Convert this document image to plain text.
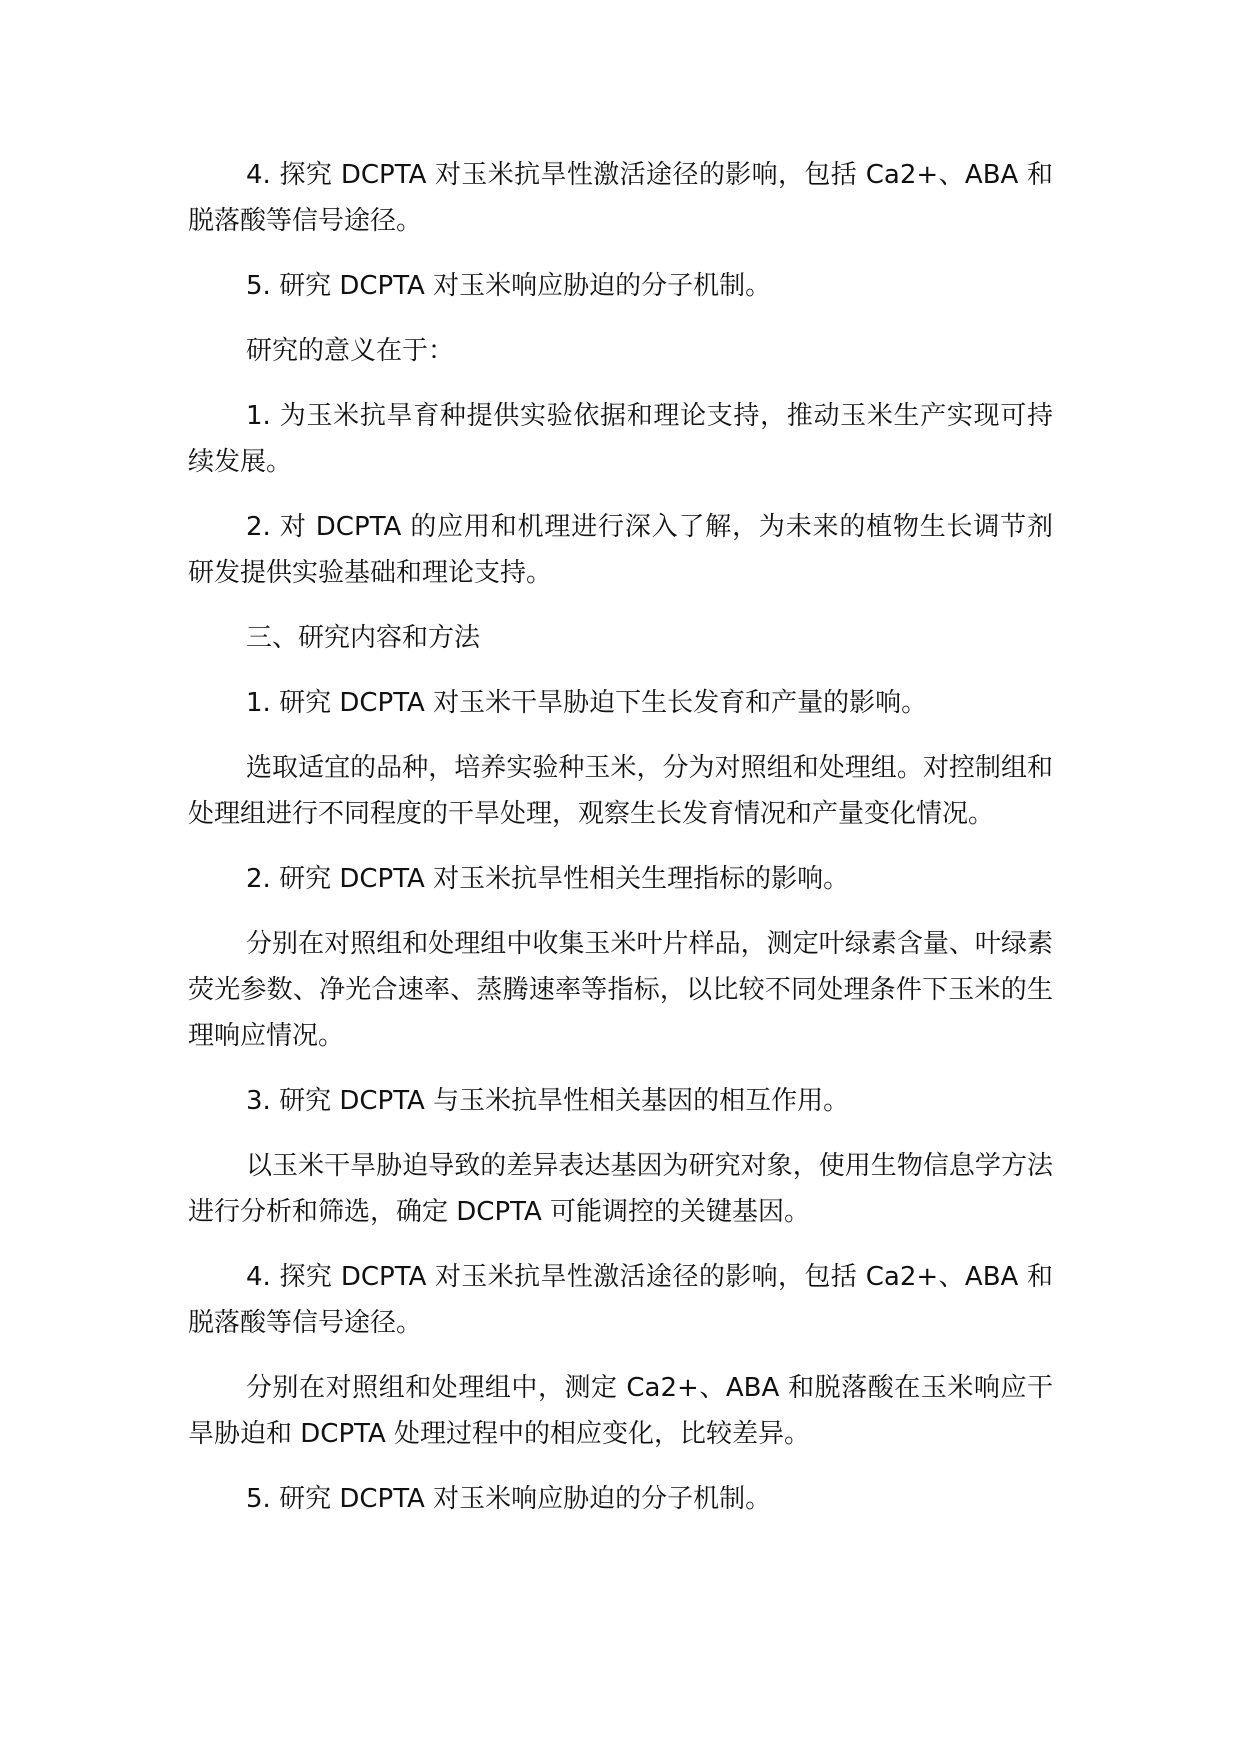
4. 探究 DCPTA 对玉米抗旱性激活途径的影响，包括 Ca2+、ABA 和脱落酸等信号途径。

5. 研究 DCPTA 对玉米响应胁迫的分子机制。

研究的意义在于：

1. 为玉米抗旱育种提供实验依据和理论支持，推动玉米生产实现可持续发展。

2. 对 DCPTA 的应用和机理进行深入了解，为未来的植物生长调节剂研发提供实验基础和理论支持。

三、研究内容和方法

1. 研究 DCPTA 对玉米干旱胁迫下生长发育和产量的影响。

选取适宜的品种，培养实验种玉米，分为对照组和处理组。对控制组和处理组进行不同程度的干旱处理，观察生长发育情况和产量变化情况。

2. 研究 DCPTA 对玉米抗旱性相关生理指标的影响。

分别在对照组和处理组中收集玉米叶片样品，测定叶绿素含量、叶绿素荧光参数、净光合速率、蒸腾速率等指标，以比较不同处理条件下玉米的生理响应情况。

3. 研究 DCPTA 与玉米抗旱性相关基因的相互作用。

以玉米干旱胁迫导致的差异表达基因为研究对象，使用生物信息学方法进行分析和筛选，确定 DCPTA 可能调控的关键基因。

4. 探究 DCPTA 对玉米抗旱性激活途径的影响，包括 Ca2+、ABA 和脱落酸等信号途径。

分别在对照组和处理组中，测定 Ca2+、ABA 和脱落酸在玉米响应干旱胁迫和 DCPTA 处理过程中的相应变化，比较差异。

5. 研究 DCPTA 对玉米响应胁迫的分子机制。
